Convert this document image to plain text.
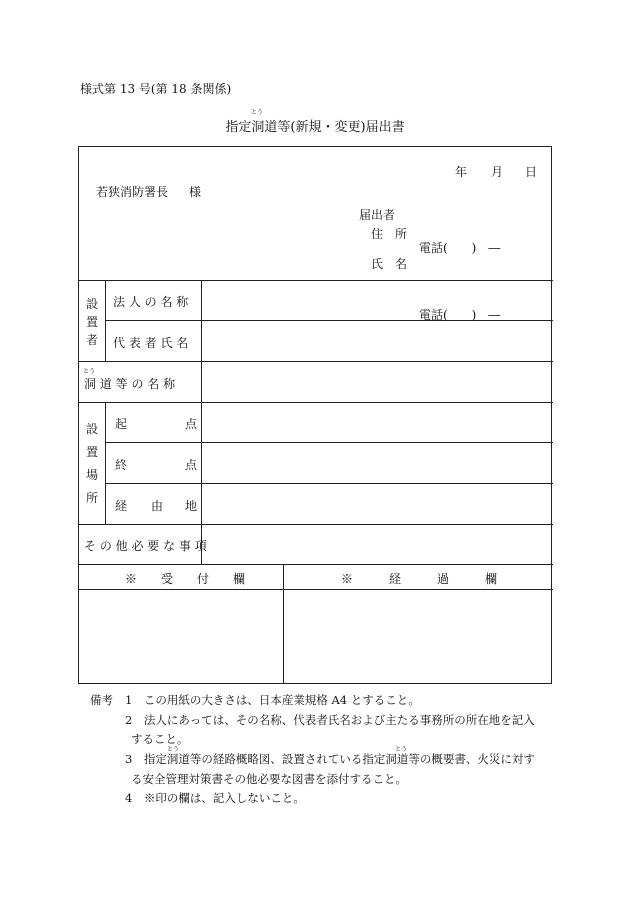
様式第 13 号(第 18 条関係)
指定洞道等(新規・変更)届出書
とう
年 月 日
若狭消防署長 様
届出者
住　所
電話(　　)　―
氏　名
設
置
者
法 人 の 名 称
電話(　　)　―
代 表 者 氏 名
とう
洞 道 等 の 名 称
設
置
場
所
起	点
終	点
経 由 地
そ の 他 必 要 な 事 項
※　　受　　付　　欄	※　　　経　　　過　　　欄
備考 1　この用紙の大きさは、日本産業規格 A4 とすること。
2　法人にあっては、その名称、代表者氏名および主たる事務所の所在地を記入
すること。
とう	とう
3　指定洞道等の経路概略図、設置されている指定洞道等の概要書、火災に対す
る安全管理対策書その他必要な図書を添付すること。
4　※印の欄は、記入しないこと。
